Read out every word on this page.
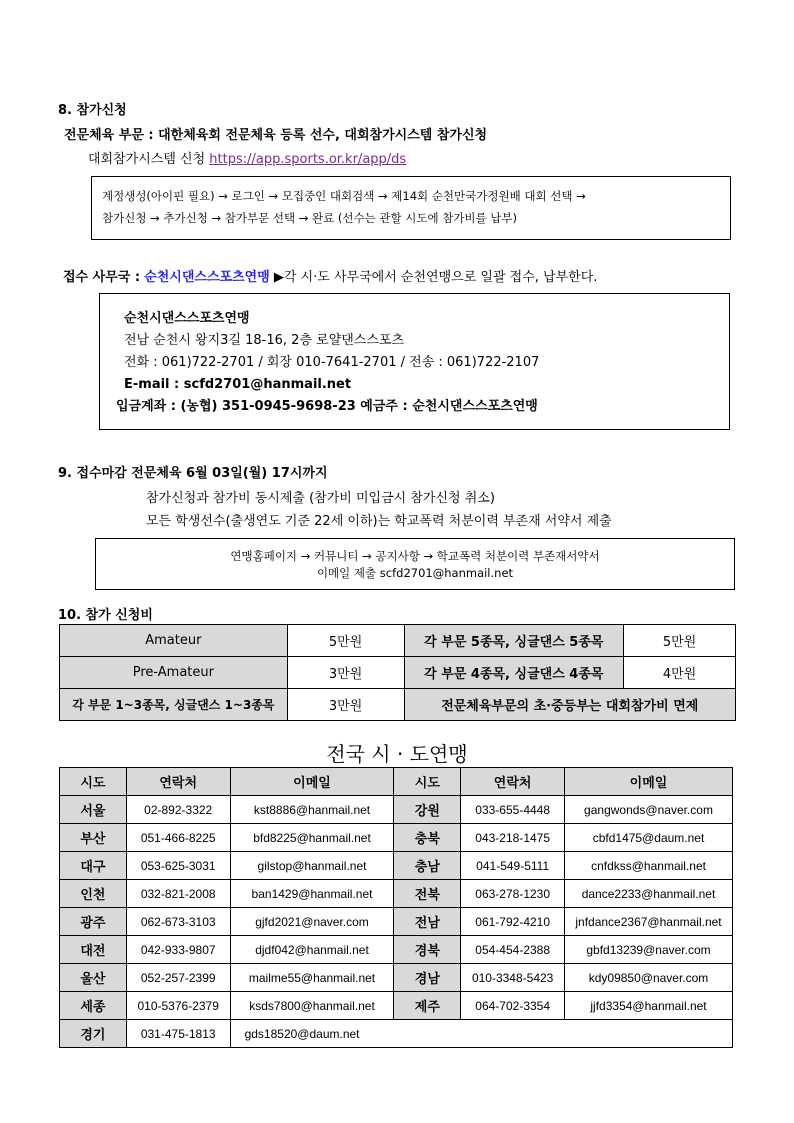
8. 참가신청
전문체육 부문 : 대한체육회 전문체육 등록 선수, 대회참가시스템 참가신청
대회참가시스템 신청 https://app.sports.or.kr/app/ds
계정생성(아이핀 필요) → 로그인 → 모집중인 대회검색 → 제14회 순천만국가정원배 대회 선택 →
참가신청 → 추가신청 → 참가부문 선택 → 완료 (선수는 관할 시도에 참가비를 납부)
접수 사무국 : 순천시댄스스포츠연맹 ▶각 시·도 사무국에서 순천연맹으로 일괄 접수, 납부한다.
순천시댄스스포츠연맹
전남 순천시 왕지3길 18-16, 2층 로얄댄스스포츠
전화 : 061)722-2701 / 회장 010-7641-2701 / 전송 : 061)722-2107
E-mail : scfd2701@hanmail.net
입금계좌 : (농협) 351-0945-9698-23 예금주 : 순천시댄스스포츠연맹
9. 접수마감 전문체육 6월 03일(월) 17시까지
참가신청과 참가비 동시제출 (참가비 미입금시 참가신청 취소)
모든 학생선수(출생연도 기준 22세 이하)는 학교폭력 처분이력 부존재 서약서 제출
연맹홈페이지 → 커뮤니티 → 공지사항 → 학교폭력 처분이력 부존재서약서
이메일 제출 scfd2701@hanmail.net
10. 참가 신청비
Amateur	5만원	각 부문 5종목, 싱글댄스 5종목	5만원
Pre-Amateur	3만원	각 부문 4종목, 싱글댄스 4종목	4만원
각 부문 1~3종목, 싱글댄스 1~3종목	3만원	전문체육부문의 초·중등부는 대회참가비 면제	
전국 시 · 도연맹
시도	연락처	이메일	시도	연락처	이메일
서울	02-892-3322	kst8886@hanmail.net	강원	033-655-4448	gangwonds@naver.com
부산	051-466-8225	bfd8225@hanmail.net	충북	043-218-1475	cbfd1475@daum.net
대구	053-625-3031	gilstop@hanmail.net	충남	041-549-5111	cnfdkss@hanmail.net
인천	032-821-2008	ban1429@hanmail.net	전북	063-278-1230	dance2233@hanmail.net
광주	062-673-3103	gjfd2021@naver.com	전남	061-792-4210	jnfdance2367@hanmail.net
대전	042-933-9807	djdf042@hanmail.net	경북	054-454-2388	gbfd13239@naver.com
울산	052-257-2399	mailme55@hanmail.net	경남	010-3348-5423	kdy09850@naver.com
세종	010-5376-2379	ksds7800@hanmail.net	제주	064-702-3354	jjfd3354@hanmail.net
경기	031-475-1813	gds18520@daum.net			
